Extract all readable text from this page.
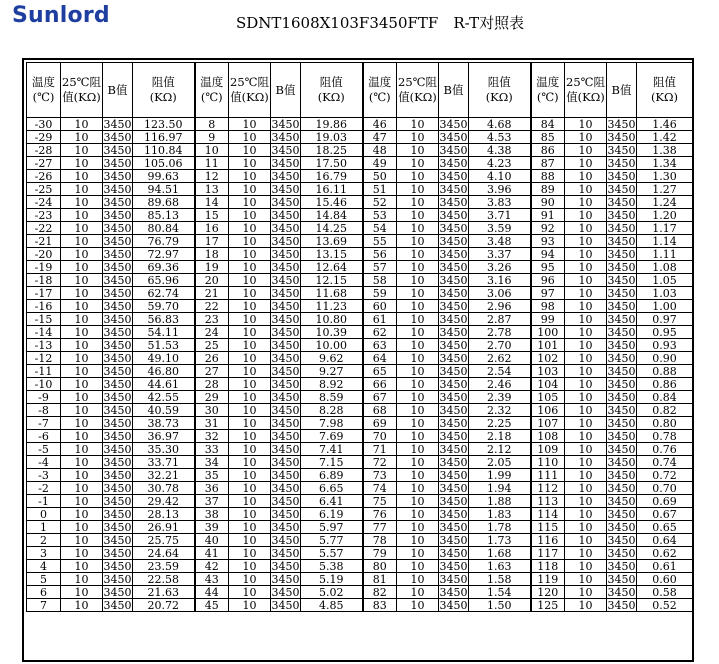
Sunlord	SDNT1608X103F3450FTF　R-T对照表
温度(℃)	25℃阻值(KΩ)	B值	阻值　(KΩ)	温度(℃)	25℃阻值(KΩ)	B值	阻值　(KΩ)	温度(℃)	25℃阻值(KΩ)	B值	阻值　(KΩ)	温度(℃)	25℃阻值(KΩ)	B值	阻值　(KΩ)
-30	10	3450	123.50	8	10	3450	19.86	46	10	3450	4.68	84	10	3450	1.46
-29	10	3450	116.97	9	10	3450	19.03	47	10	3450	4.53	85	10	3450	1.42
-28	10	3450	110.84	10	10	3450	18.25	48	10	3450	4.38	86	10	3450	1.38
-27	10	3450	105.06	11	10	3450	17.50	49	10	3450	4.23	87	10	3450	1.34
-26	10	3450	99.63	12	10	3450	16.79	50	10	3450	4.10	88	10	3450	1.30
-25	10	3450	94.51	13	10	3450	16.11	51	10	3450	3.96	89	10	3450	1.27
-24	10	3450	89.68	14	10	3450	15.46	52	10	3450	3.83	90	10	3450	1.24
-23	10	3450	85.13	15	10	3450	14.84	53	10	3450	3.71	91	10	3450	1.20
-22	10	3450	80.84	16	10	3450	14.25	54	10	3450	3.59	92	10	3450	1.17
-21	10	3450	76.79	17	10	3450	13.69	55	10	3450	3.48	93	10	3450	1.14
-20	10	3450	72.97	18	10	3450	13.15	56	10	3450	3.37	94	10	3450	1.11
-19	10	3450	69.36	19	10	3450	12.64	57	10	3450	3.26	95	10	3450	1.08
-18	10	3450	65.96	20	10	3450	12.15	58	10	3450	3.16	96	10	3450	1.05
-17	10	3450	62.74	21	10	3450	11.68	59	10	3450	3.06	97	10	3450	1.03
-16	10	3450	59.70	22	10	3450	11.23	60	10	3450	2.96	98	10	3450	1.00
-15	10	3450	56.83	23	10	3450	10.80	61	10	3450	2.87	99	10	3450	0.97
-14	10	3450	54.11	24	10	3450	10.39	62	10	3450	2.78	100	10	3450	0.95
-13	10	3450	51.53	25	10	3450	10.00	63	10	3450	2.70	101	10	3450	0.93
-12	10	3450	49.10	26	10	3450	9.62	64	10	3450	2.62	102	10	3450	0.90
-11	10	3450	46.80	27	10	3450	9.27	65	10	3450	2.54	103	10	3450	0.88
-10	10	3450	44.61	28	10	3450	8.92	66	10	3450	2.46	104	10	3450	0.86
-9	10	3450	42.55	29	10	3450	8.59	67	10	3450	2.39	105	10	3450	0.84
-8	10	3450	40.59	30	10	3450	8.28	68	10	3450	2.32	106	10	3450	0.82
-7	10	3450	38.73	31	10	3450	7.98	69	10	3450	2.25	107	10	3450	0.80
-6	10	3450	36.97	32	10	3450	7.69	70	10	3450	2.18	108	10	3450	0.78
-5	10	3450	35.30	33	10	3450	7.41	71	10	3450	2.12	109	10	3450	0.76
-4	10	3450	33.71	34	10	3450	7.15	72	10	3450	2.05	110	10	3450	0.74
-3	10	3450	32.21	35	10	3450	6.89	73	10	3450	1.99	111	10	3450	0.72
-2	10	3450	30.78	36	10	3450	6.65	74	10	3450	1.94	112	10	3450	0.70
-1	10	3450	29.42	37	10	3450	6.41	75	10	3450	1.88	113	10	3450	0.69
0	10	3450	28.13	38	10	3450	6.19	76	10	3450	1.83	114	10	3450	0.67
1	10	3450	26.91	39	10	3450	5.97	77	10	3450	1.78	115	10	3450	0.65
2	10	3450	25.75	40	10	3450	5.77	78	10	3450	1.73	116	10	3450	0.64
3	10	3450	24.64	41	10	3450	5.57	79	10	3450	1.68	117	10	3450	0.62
4	10	3450	23.59	42	10	3450	5.38	80	10	3450	1.63	118	10	3450	0.61
5	10	3450	22.58	43	10	3450	5.19	81	10	3450	1.58	119	10	3450	0.60
6	10	3450	21.63	44	10	3450	5.02	82	10	3450	1.54	120	10	3450	0.58
7	10	3450	20.72	45	10	3450	4.85	83	10	3450	1.50	125	10	3450	0.52
